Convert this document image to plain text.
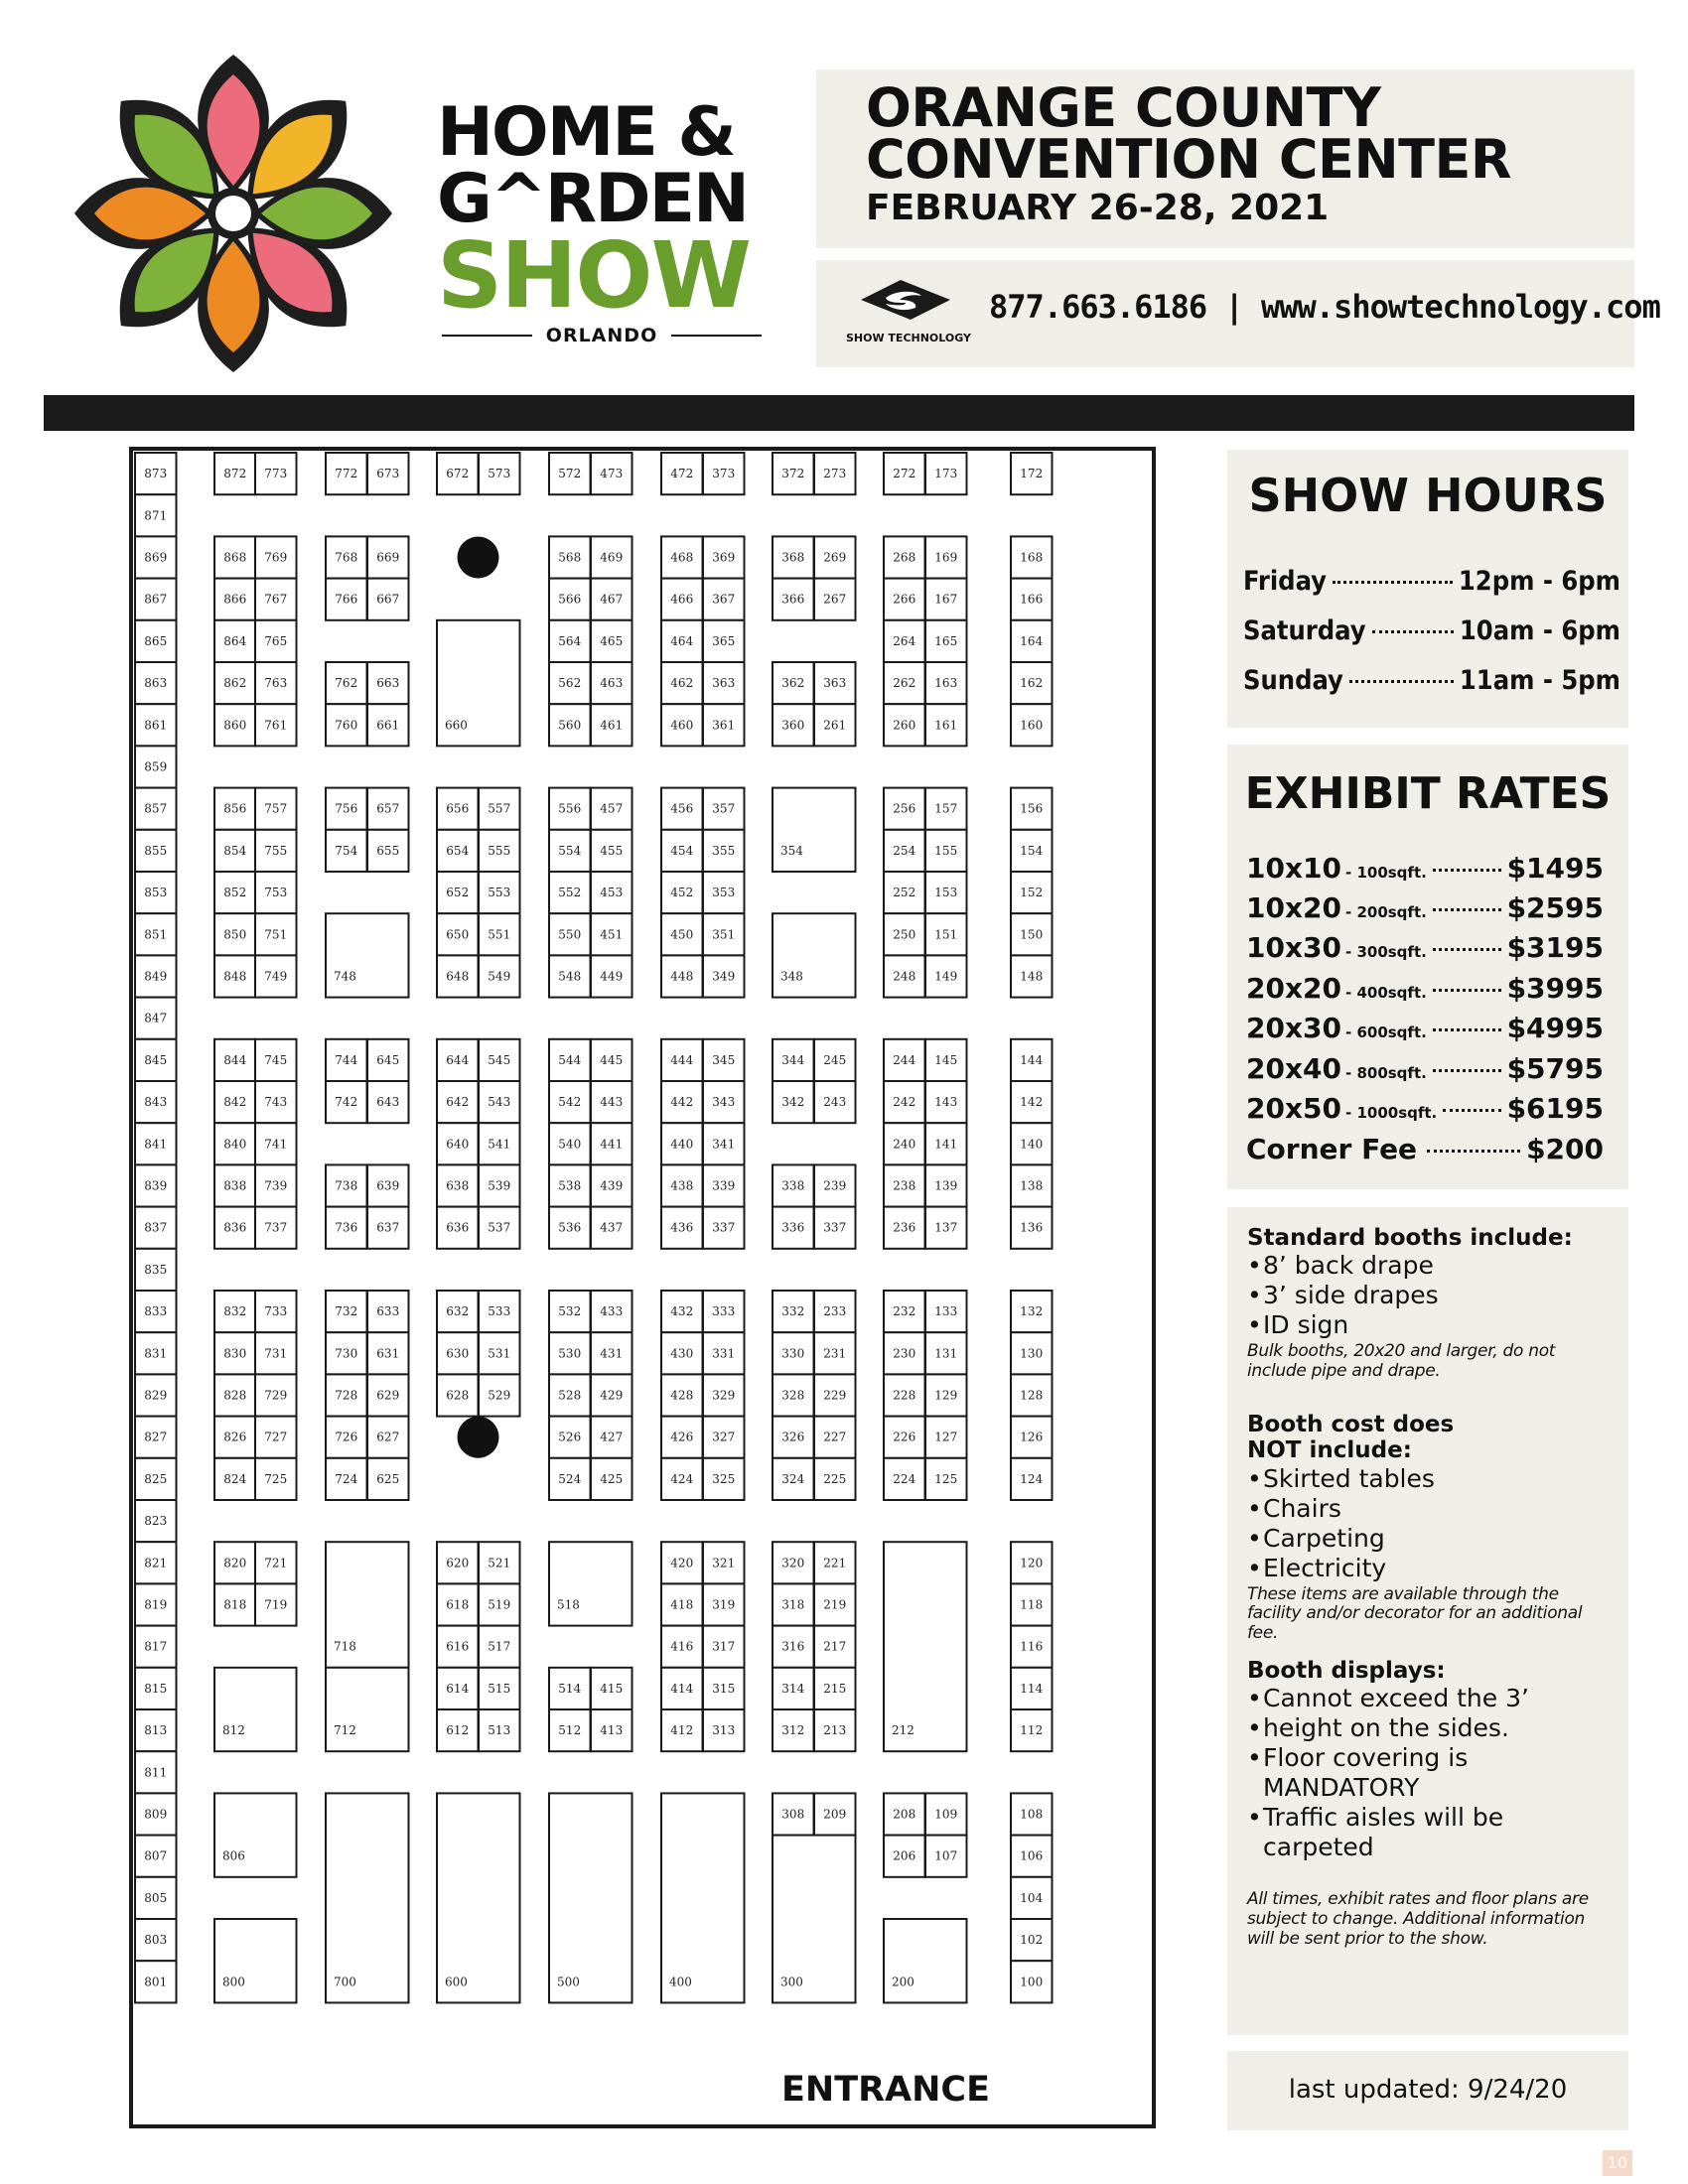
HOME &
G^RDEN
SHOW
ORLANDO
ORANGE COUNTY
CONVENTION CENTER
FEBRUARY 26-28, 2021
SHOW TECHNOLOGY
877.663.6186 | www.showtechnology.com
873
871
869
867
865
863
861
859
857
855
853
851
849
847
845
843
841
839
837
835
833
831
829
827
825
823
821
819
817
815
813
811
809
807
805
803
801
872 773	772 673	672 573	572 473	472 373	372 273	272 173	172
868 769
866 767
864 765
862 763
860 761
768 669
766 667
762 663
760 661
568 469
566 467
564 465
562 463
560 461
468 369
466 367
464 365
462 363
460 361
368 269
366 267
362 363
360 261
268 169
266 167
264 165
262 163
260 161
168
166
164
162
160
856 757
854 755
852 753
850 751
848 749
756 657
754 655
656 557
654 555
652 553
650 551
648 549
556 457
554 455
552 453
550 451
548 449
456 357
454 355
452 353
450 351
448 349
256 157
254 155
252 153
250 151
248 149
156
154
152
150
148
844 745
842 743
840 741
838 739
836 737
744 645
742 643
738 639
736 637
644 545
642 543
640 541
638 539
636 537
544 445
542 443
540 441
538 439
536 437
444 345
442 343
440 341
438 339
436 337
344 245
342 243
338 239
336 337
244 145
242 143
240 141
238 139
236 137
144
142
140
138
136
832 733
830 731
828 729
826 727
824 725
732 633
730 631
728 629
726 627
724 625
632 533
630 531
628 529
532 433
530 431
528 429
526 427
524 425
432 333
430 331
428 329
426 327
424 325
332 233
330 231
328 229
326 227
324 225
232 133
230 131
228 129
226 127
224 125
132
130
128
126
124
820 721
818 719
620 521
618 519
616 517
614 515
612 513
514 415
512 413
420 321
418 319
416 317
414 315
412 313
320 221
318 219
316 217
314 215
312 213
120
118
116
114
112
308 209	208 109
206 107
108
106
104
102
100
660
354
748	348
718
518
212
812	712
806
700	600	500	400	300
800	200
ENTRANCE
SHOW HOURS
Friday	12pm - 6pm
Saturday	10am - 6pm
Sunday	11am - 5pm
EXHIBIT RATES
10x10 - 100sqft.	$1495
10x20 - 200sqft.	$2595
10x30 - 300sqft.	$3195
20x20 - 400sqft.	$3995
20x30 - 600sqft.	$4995
20x40 - 800sqft.	$5795
20x50 - 1000sqft.	$6195
Corner Fee	$200
Standard booths include:
• 8’ back drape
• 3’ side drapes
• ID sign
Bulk booths, 20x20 and larger, do not include pipe and drape.
Booth cost does NOT include:
• Skirted tables
• Chairs
• Carpeting
• Electricity
These items are available through the facility and/or decorator for an additional fee.
Booth displays:
• Cannot exceed the 3’
• height on the sides.
• Floor covering is MANDATORY
• Traffic aisles will be carpeted
All times, exhibit rates and floor plans are subject to change. Additional information will be sent prior to the show.
last updated: 9/24/20
10
